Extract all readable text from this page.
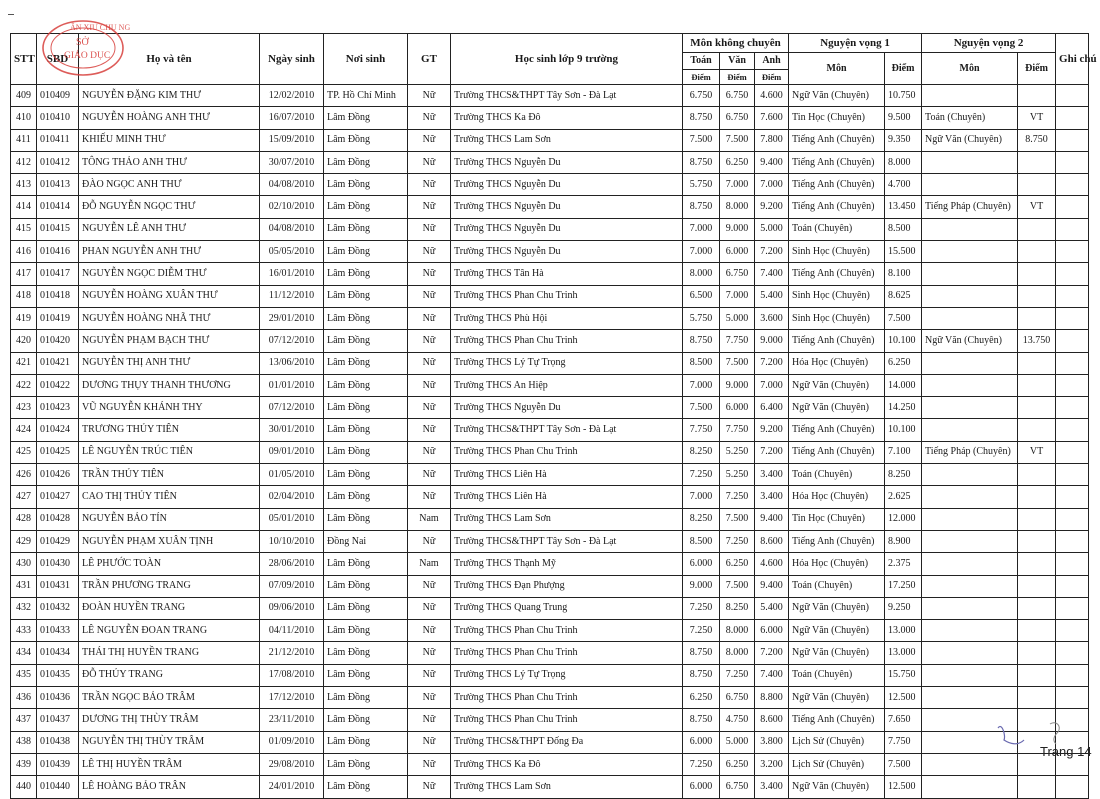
STT	SBD	Họ và tên	Ngày sinh	Nơi sinh	GT	Học sinh lớp 9 trường	Môn không chuyên			Nguyện vọng 1		Nguyện vọng 2		Ghi chú
							Toán	Văn	Anh	Môn	Điểm	Môn	Điểm	
							Điểm	Điểm	Điểm					
409	010409	NGUYỄN ĐẶNG KIM THƯ	12/02/2010	TP. Hồ Chí Minh	Nữ	Trường THCS&THPT Tây Sơn - Đà Lạt	6.750	6.750	4.600	Ngữ Văn (Chuyên)	10.750			
410	010410	NGUYỄN HOÀNG ANH THƯ	16/07/2010	Lâm Đồng	Nữ	Trường THCS Ka Đô	8.750	6.750	7.600	Tin Học (Chuyên)	9.500	Toán (Chuyên)	VT	
411	010411	KHIẾU MINH THƯ	15/09/2010	Lâm Đồng	Nữ	Trường THCS Lam Sơn	7.500	7.500	7.800	Tiếng Anh (Chuyên)	9.350	Ngữ Văn (Chuyên)	8.750	
412	010412	TÔNG THẢO ANH THƯ	30/07/2010	Lâm Đồng	Nữ	Trường THCS Nguyễn Du	8.750	6.250	9.400	Tiếng Anh (Chuyên)	8.000			
413	010413	ĐÀO NGỌC ANH THƯ	04/08/2010	Lâm Đồng	Nữ	Trường THCS Nguyễn Du	5.750	7.000	7.000	Tiếng Anh (Chuyên)	4.700			
414	010414	ĐỖ NGUYỄN NGỌC THƯ	02/10/2010	Lâm Đồng	Nữ	Trường THCS Nguyễn Du	8.750	8.000	9.200	Tiếng Anh (Chuyên)	13.450	Tiếng Pháp (Chuyên)	VT	
415	010415	NGUYỄN LÊ ANH THƯ	04/08/2010	Lâm Đồng	Nữ	Trường THCS Nguyễn Du	7.000	9.000	5.000	Toán (Chuyên)	8.500			
416	010416	PHAN NGUYỄN ANH THƯ	05/05/2010	Lâm Đồng	Nữ	Trường THCS Nguyễn Du	7.000	6.000	7.200	Sinh Học (Chuyên)	15.500			
417	010417	NGUYỄN NGỌC DIỄM THƯ	16/01/2010	Lâm Đồng	Nữ	Trường THCS Tân Hà	8.000	6.750	7.400	Tiếng Anh (Chuyên)	8.100			
418	010418	NGUYỄN HOÀNG XUÂN THƯ	11/12/2010	Lâm Đồng	Nữ	Trường THCS Phan Chu Trinh	6.500	7.000	5.400	Sinh Học (Chuyên)	8.625			
419	010419	NGUYỄN HOÀNG NHÃ THƯ	29/01/2010	Lâm Đồng	Nữ	Trường THCS Phù Hội	5.750	5.000	3.600	Sinh Học (Chuyên)	7.500			
420	010420	NGUYỄN PHẠM BẠCH THƯ	07/12/2010	Lâm Đồng	Nữ	Trường THCS Phan Chu Trinh	8.750	7.750	9.000	Tiếng Anh (Chuyên)	10.100	Ngữ Văn (Chuyên)	13.750	
421	010421	NGUYỄN THỊ ANH THƯ	13/06/2010	Lâm Đồng	Nữ	Trường THCS Lý Tự Trọng	8.500	7.500	7.200	Hóa Học (Chuyên)	6.250			
422	010422	DƯƠNG THỤY THANH THƯƠNG	01/01/2010	Lâm Đồng	Nữ	Trường THCS An Hiệp	7.000	9.000	7.000	Ngữ Văn (Chuyên)	14.000			
423	010423	VŨ NGUYỄN KHÁNH THY	07/12/2010	Lâm Đồng	Nữ	Trường THCS Nguyễn Du	7.500	6.000	6.400	Ngữ Văn (Chuyên)	14.250			
424	010424	TRƯƠNG THỦY TIÊN	30/01/2010	Lâm Đồng	Nữ	Trường THCS&THPT Tây Sơn - Đà Lạt	7.750	7.750	9.200	Tiếng Anh (Chuyên)	10.100			
425	010425	LÊ NGUYỄN TRÚC TIÊN	09/01/2010	Lâm Đồng	Nữ	Trường THCS Phan Chu Trinh	8.250	5.250	7.200	Tiếng Anh (Chuyên)	7.100	Tiếng Pháp (Chuyên)	VT	
426	010426	TRẦN THỦY TIÊN	01/05/2010	Lâm Đồng	Nữ	Trường THCS Liên Hà	7.250	5.250	3.400	Toán (Chuyên)	8.250			
427	010427	CAO THỊ THỦY TIÊN	02/04/2010	Lâm Đồng	Nữ	Trường THCS Liên Hà	7.000	7.250	3.400	Hóa Học (Chuyên)	2.625			
428	010428	NGUYỄN BẢO TÍN	05/01/2010	Lâm Đồng	Nam	Trường THCS Lam Sơn	8.250	7.500	9.400	Tin Học (Chuyên)	12.000			
429	010429	NGUYỄN PHẠM XUÂN TỊNH	10/10/2010	Đồng Nai	Nữ	Trường THCS&THPT Tây Sơn - Đà Lạt	8.500	7.250	8.600	Tiếng Anh (Chuyên)	8.900			
430	010430	LÊ PHƯỚC TOÀN	28/06/2010	Lâm Đồng	Nam	Trường THCS Thạnh Mỹ	6.000	6.250	4.600	Hóa Học (Chuyên)	2.375			
431	010431	TRẦN PHƯƠNG TRANG	07/09/2010	Lâm Đồng	Nữ	Trường THCS Đạn Phượng	9.000	7.500	9.400	Toán (Chuyên)	17.250			
432	010432	ĐOÀN HUYỀN TRANG	09/06/2010	Lâm Đồng	Nữ	Trường THCS Quang Trung	7.250	8.250	5.400	Ngữ Văn (Chuyên)	9.250			
433	010433	LÊ NGUYỄN ĐOAN TRANG	04/11/2010	Lâm Đồng	Nữ	Trường THCS Phan Chu Trinh	7.250	8.000	6.000	Ngữ Văn (Chuyên)	13.000			
434	010434	THÁI THỊ HUYỀN TRANG	21/12/2010	Lâm Đồng	Nữ	Trường THCS Phan Chu Trinh	8.750	8.000	7.200	Ngữ Văn (Chuyên)	13.000			
435	010435	ĐỖ THỦY TRANG	17/08/2010	Lâm Đồng	Nữ	Trường THCS Lý Tự Trọng	8.750	7.250	7.400	Toán (Chuyên)	15.750			
436	010436	TRẦN NGỌC BẢO TRÂM	17/12/2010	Lâm Đồng	Nữ	Trường THCS Phan Chu Trinh	6.250	6.750	8.800	Ngữ Văn (Chuyên)	12.500			
437	010437	DƯƠNG THỊ THÙY TRÂM	23/11/2010	Lâm Đồng	Nữ	Trường THCS Phan Chu Trinh	8.750	4.750	8.600	Tiếng Anh (Chuyên)	7.650			
438	010438	NGUYỄN THỊ THÙY TRÂM	01/09/2010	Lâm Đồng	Nữ	Trường THCS&THPT Đống Đa	6.000	5.000	3.800	Lịch Sử (Chuyên)	7.750			
439	010439	LÊ THỊ HUYỀN TRÂM	29/08/2010	Lâm Đồng	Nữ	Trường THCS Ka Đô	7.250	6.250	3.200	Lịch Sử (Chuyên)	7.500			
440	010440	LÊ HOÀNG BẢO TRÂN	24/01/2010	Lâm Đồng	Nữ	Trường THCS Lam Sơn	6.000	6.750	3.400	Ngữ Văn (Chuyên)	12.500			
ÂN XIU CHU NG
SỞ
GIÁO DỤC
Trang 14
